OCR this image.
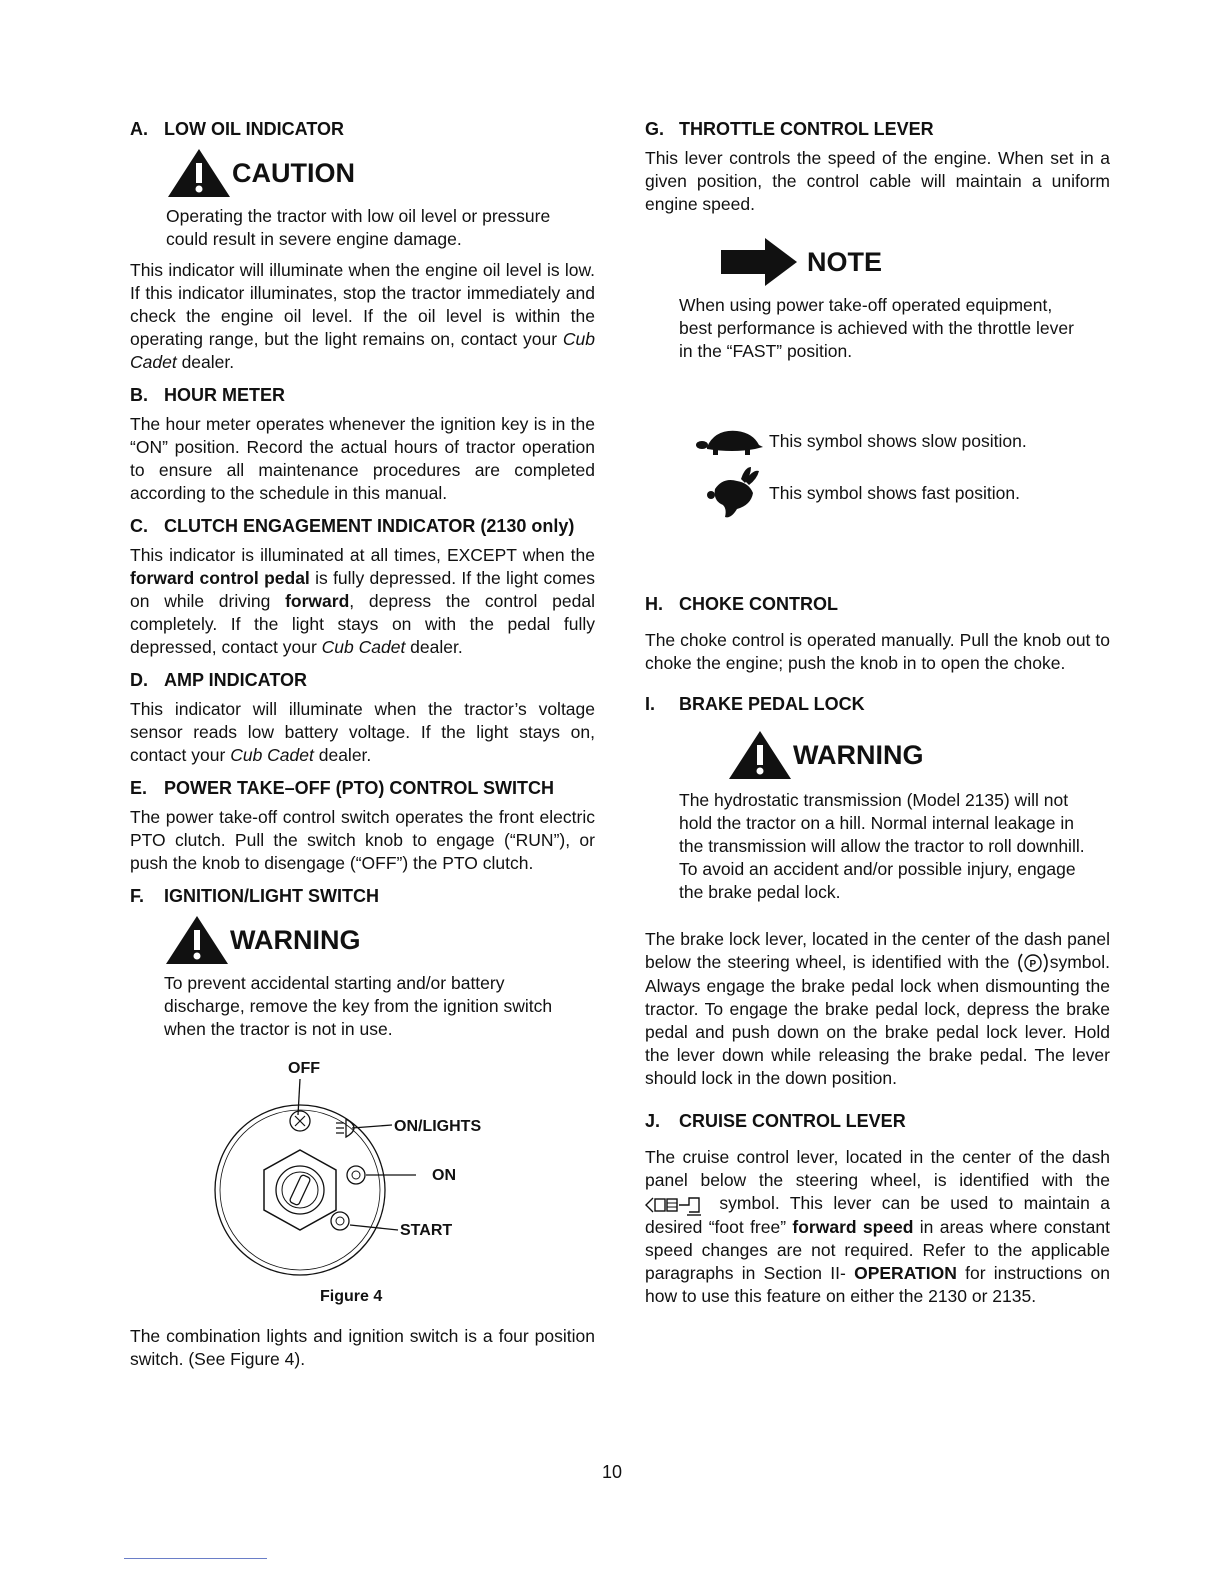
A. LOW OIL INDICATOR
CAUTION

Operating the tractor with low oil level or pressure could result in severe engine damage.

This indicator will illuminate when the engine oil level is low. If this indicator illuminates, stop the tractor immediately and check the engine oil level. If the oil level is within the operating range, but the light remains on, contact your Cub Cadet dealer.

B. HOUR METER

The hour meter operates whenever the ignition key is in the “ON” position. Record the actual hours of tractor operation to ensure all maintenance procedures are completed according to the schedule in this manual.

C. CLUTCH ENGAGEMENT INDICATOR (2130 only)

This indicator is illuminated at all times, EXCEPT when the forward control pedal is fully depressed. If the light comes on while driving forward, depress the control pedal completely. If the light stays on with the pedal fully depressed, contact your Cub Cadet dealer.

D. AMP INDICATOR

This indicator will illuminate when the tractor’s voltage sensor reads low battery voltage. If the light stays on, contact your Cub Cadet dealer.

E. POWER TAKE–OFF (PTO) CONTROL SWITCH

The power take-off control switch operates the front electric PTO clutch. Pull the switch knob to engage (“RUN”), or push the knob to disengage (“OFF”) the PTO clutch.

F. IGNITION/LIGHT SWITCH
WARNING

To prevent accidental starting and/or battery discharge, remove the key from the ignition switch when the tractor is not in use.

OFF
ON/LIGHTS
ON
START
Figure 4

The combination lights and ignition switch is a four position switch. (See Figure 4).

G. THROTTLE CONTROL LEVER

This lever controls the speed of the engine. When set in a given position, the control cable will maintain a uniform engine speed.

NOTE

When using power take-off operated equipment, best performance is achieved with the throttle lever in the “FAST” position.

This symbol shows slow position.
This symbol shows fast position.
H. CHOKE CONTROL

The choke control is operated manually. Pull the knob out to choke the engine; push the knob in to open the choke.

I. BRAKE PEDAL LOCK
WARNING

The hydrostatic transmission (Model 2135) will not hold the tractor on a hill. Normal internal leakage in the transmission will allow the tractor to roll downhill. To avoid an accident and/or possible injury, engage the brake pedal lock.

The brake lock lever, located in the center of the dash panel below the steering wheel, is identified with the P symbol. Always engage the brake pedal lock when dismounting the tractor. To engage the brake pedal lock, depress the brake pedal and push down on the brake pedal lock lever. Hold the lever down while releasing the brake pedal. The lever should lock in the down position.

J. CRUISE CONTROL LEVER

The cruise control lever, located in the center of the dash panel below the steering wheel, is identified with the  symbol. This lever can be used to maintain a desired “foot free” forward speed in areas where constant speed changes are not required. Refer to the applicable paragraphs in Section II- OPERATION for instructions on how to use this feature on either the 2130 or 2135.

10
